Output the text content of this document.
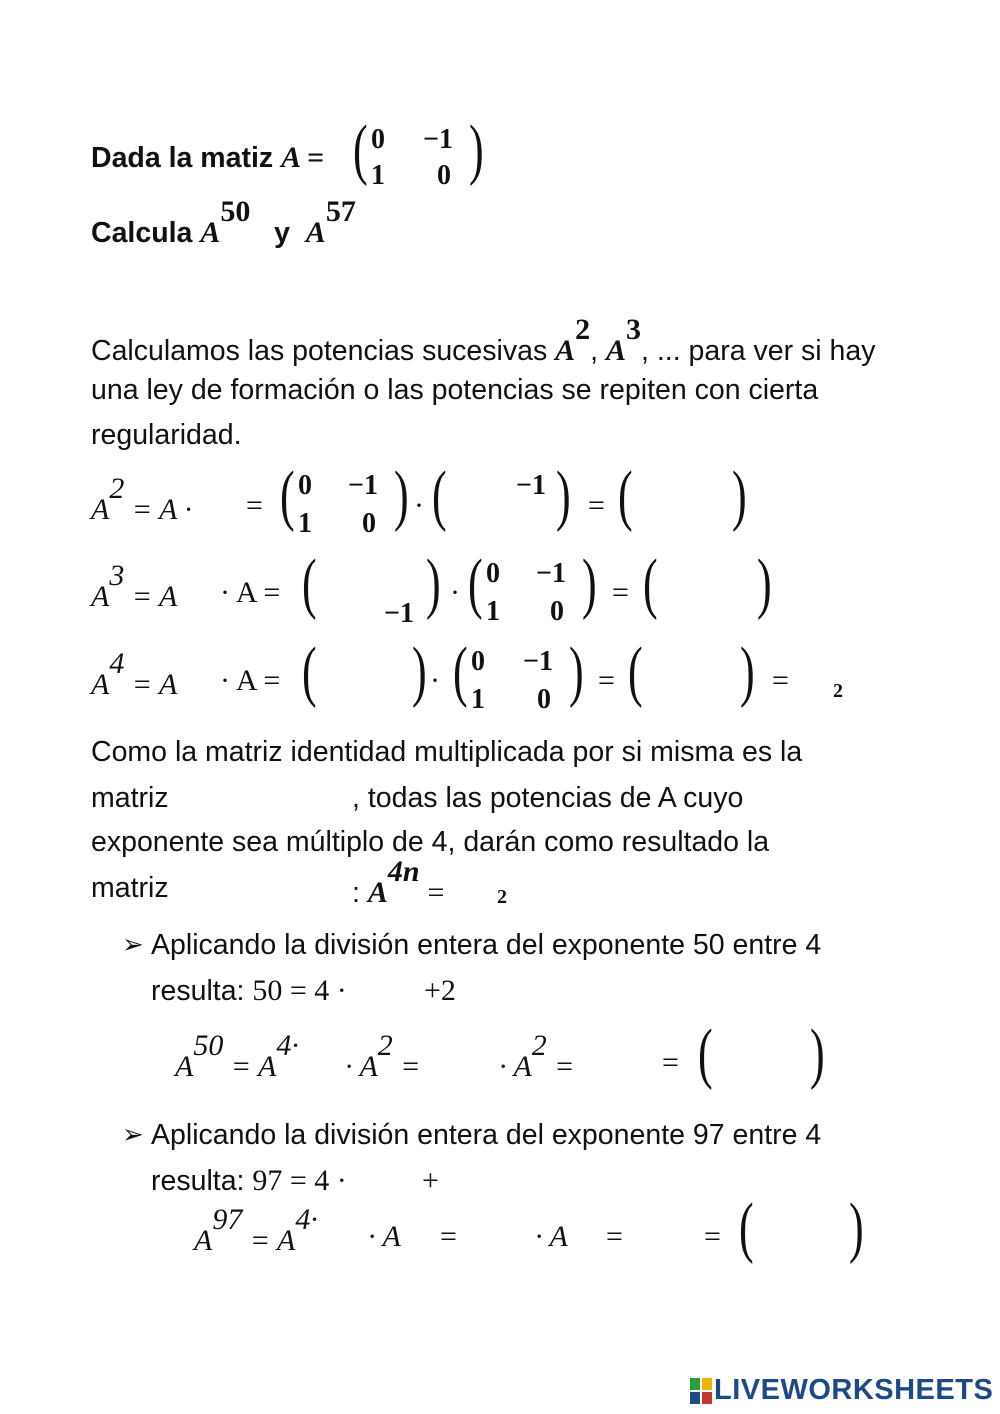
Dada la matiz A = ( 0 −1
1 0 )
Calcula $A^{50}$   y $A^{57}$
Calculamos las potencias sucesivas $A^2$, $A^3$, ... para ver si hay
una ley de formación o las potencias se repiten con cierta
regularidad.
$A^2 = A$ · = ( 0 −1
1 0 ) · ( −1 ) = ( )
$A^3 = A \cdot A$ = ( −1 ) · ( 0 −1
1 0 ) = ( )
$A^4 = A \cdot A$ = ( ) · ( 0 −1
1 0 ) = ( ) = 2
Como la matriz identidad multiplicada por si misma es la
matriz	, todas las potencias de A cuyo
exponente sea múltiplo de 4, darán como resultado la
matriz	: $A^{4n}$ =	2
➢ Aplicando la división entera del exponente 50 entre 4
resulta: 50 = 4 ·	+2
$A^{50} = A^{4\cdot}$
· $A^2$ =	· $A^2$ =	= ( )
➢ Aplicando la división entera del exponente 97 entre 4
resulta: 97 = 4 ·	+
$A^{97} = A^{4\cdot}$
· A =	· A =	= ( )
LIVEWORKSHEETS
